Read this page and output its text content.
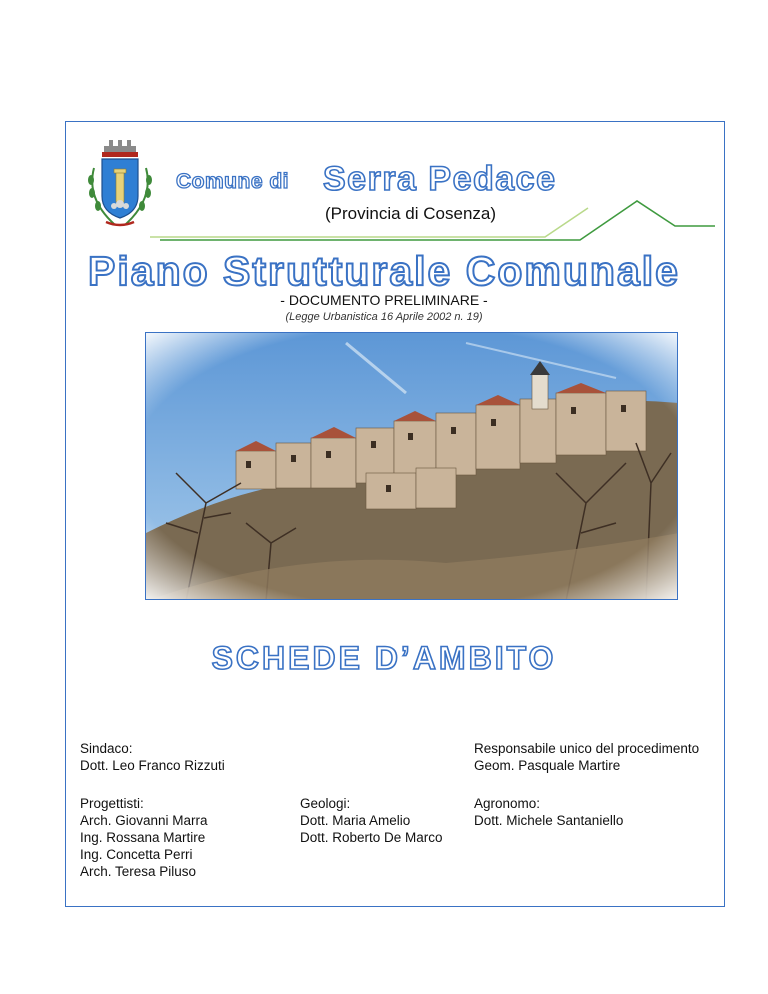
Comune di Serra Pedace
(Provincia di Cosenza)
Piano Strutturale Comunale
- DOCUMENTO PRELIMINARE -
(Legge Urbanistica 16 Aprile 2002 n. 19)
SCHEDE D’AMBITO
Sindaco:
Dott. Leo Franco Rizzuti
Responsabile unico del procedimento
Geom. Pasquale Martire
Progettisti:
Arch. Giovanni Marra
Ing. Rossana Martire
Ing. Concetta Perri
Arch. Teresa Piluso
Geologi:
Dott. Maria Amelio
Dott. Roberto De Marco
Agronomo:
Dott. Michele Santaniello
